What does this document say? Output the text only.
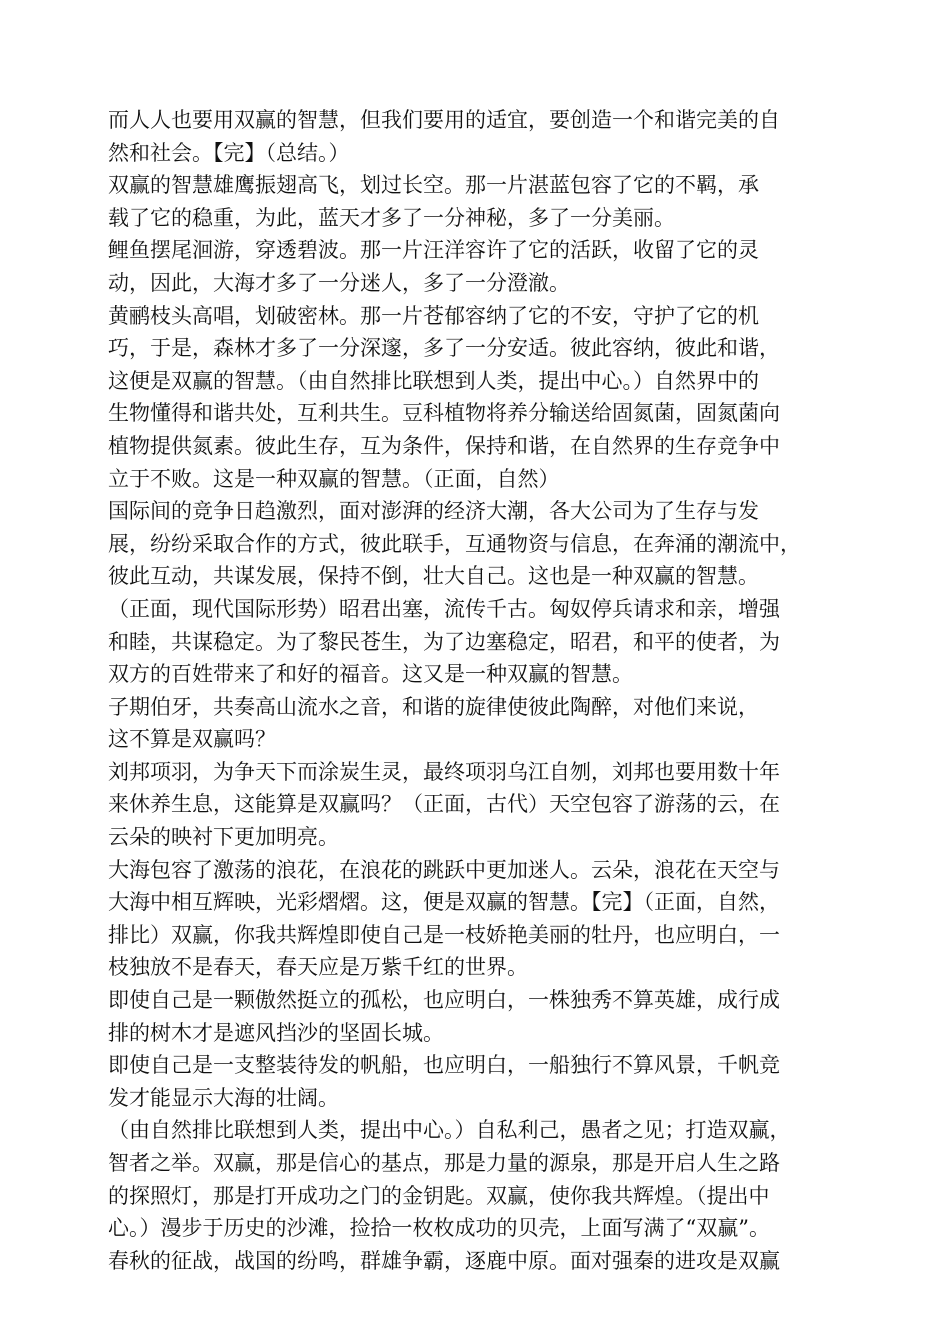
而人人也要用双赢的智慧，但我们要用的适宜，要创造一个和谐完美的自
然和社会。【完】（总结。）
双赢的智慧雄鹰振翅高飞，划过长空。那一片湛蓝包容了它的不羁，承
载了它的稳重，为此，蓝天才多了一分神秘，多了一分美丽。
鲤鱼摆尾洄游，穿透碧波。那一片汪洋容许了它的活跃，收留了它的灵
动，因此，大海才多了一分迷人，多了一分澄澈。
黄鹂枝头高唱，划破密林。那一片苍郁容纳了它的不安，守护了它的机
巧，于是，森林才多了一分深邃，多了一分安适。彼此容纳，彼此和谐，
这便是双赢的智慧。（由自然排比联想到人类，提出中心。）自然界中的
生物懂得和谐共处，互利共生。豆科植物将养分输送给固氮菌，固氮菌向
植物提供氮素。彼此生存，互为条件，保持和谐，在自然界的生存竞争中
立于不败。这是一种双赢的智慧。（正面，自然）
国际间的竞争日趋激烈，面对澎湃的经济大潮，各大公司为了生存与发
展，纷纷采取合作的方式，彼此联手，互通物资与信息，在奔涌的潮流中，
彼此互动，共谋发展，保持不倒，壮大自己。这也是一种双赢的智慧。
（正面，现代国际形势）昭君出塞，流传千古。匈奴停兵请求和亲，增强
和睦，共谋稳定。为了黎民苍生，为了边塞稳定，昭君，和平的使者，为
双方的百姓带来了和好的福音。这又是一种双赢的智慧。
子期伯牙，共奏高山流水之音，和谐的旋律使彼此陶醉，对他们来说，
这不算是双赢吗？
刘邦项羽，为争天下而涂炭生灵，最终项羽乌江自刎，刘邦也要用数十年
来休养生息，这能算是双赢吗？（正面，古代）天空包容了游荡的云，在
云朵的映衬下更加明亮。
大海包容了激荡的浪花，在浪花的跳跃中更加迷人。云朵，浪花在天空与
大海中相互辉映，光彩熠熠。这，便是双赢的智慧。【完】（正面，自然，
排比）双赢，你我共辉煌即使自己是一枝娇艳美丽的牡丹，也应明白，一
枝独放不是春天，春天应是万紫千红的世界。
即使自己是一颗傲然挺立的孤松，也应明白，一株独秀不算英雄，成行成
排的树木才是遮风挡沙的坚固长城。
即使自己是一支整装待发的帆船，也应明白，一船独行不算风景，千帆竞
发才能显示大海的壮阔。
（由自然排比联想到人类，提出中心。）自私利己，愚者之见；打造双赢，
智者之举。双赢，那是信心的基点，那是力量的源泉，那是开启人生之路
的探照灯，那是打开成功之门的金钥匙。双赢，使你我共辉煌。（提出中
心。）漫步于历史的沙滩，捡拾一枚枚成功的贝壳，上面写满了“双赢”。
春秋的征战，战国的纷鸣，群雄争霸，逐鹿中原。面对强秦的进攻是双赢
